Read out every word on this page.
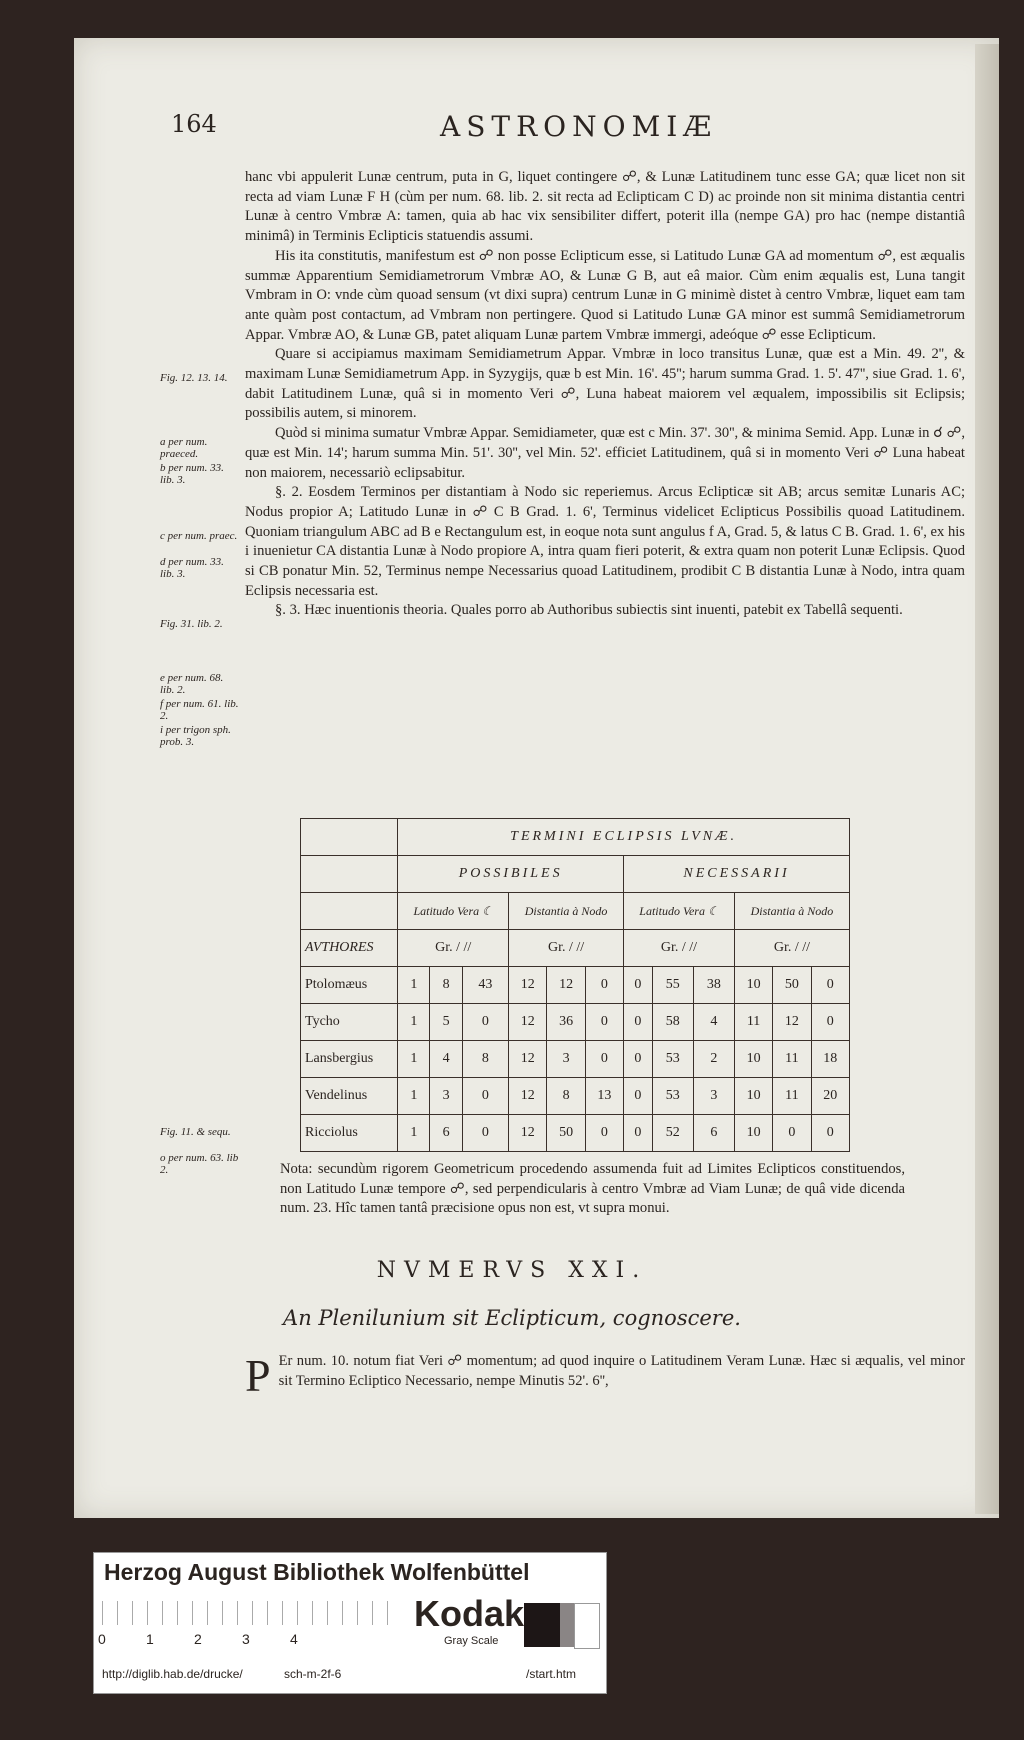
164	ASTRONOMIÆ
Fig. 12. 13. 14.
a per num. praeced.
b per num. 33. lib. 3.
c per num. praec.
d per num. 33. lib. 3.
Fig. 31. lib. 2.
e per num. 68. lib. 2.
f per num. 61. lib. 2.
i per trigon sph. prob. 3.
Fig. 11. & sequ.
o per num. 63. lib 2.

hanc vbi appulerit Lunæ centrum, puta in G, liquet contingere ☍, & Lunæ Latitudinem tunc esse GA; quæ licet non sit recta ad viam Lunæ F H (cùm per num. 68. lib. 2. sit recta ad Eclipticam C D) ac proinde non sit minima distantia centri Lunæ à centro Vmbræ A: tamen, quia ab hac vix sensibiliter differt, poterit illa (nempe GA) pro hac (nempe distantiâ minimâ) in Terminis Eclipticis statuendis assumi.

His ita constitutis, manifestum est ☍ non posse Eclipticum esse, si Latitudo Lunæ GA ad momentum ☍, est æqualis summæ Apparentium Semidiametrorum Vmbræ AO, & Lunæ G B, aut eâ maior. Cùm enim æqualis est, Luna tangit Vmbram in O: vnde cùm quoad sensum (vt dixi supra) centrum Lunæ in G minimè distet à centro Vmbræ, liquet eam tam ante quàm post contactum, ad Vmbram non pertingere. Quod si Latitudo Lunæ GA minor est summâ Semidiametrorum Appar. Vmbræ AO, & Lunæ GB, patet aliquam Lunæ partem Vmbræ immergi, adeóque ☍ esse Eclipticum.

Quare si accipiamus maximam Semidiametrum Appar. Vmbræ in loco transitus Lunæ, quæ est a Min. 49. 2'', & maximam Lunæ Semidiametrum App. in Syzygijs, quæ b est Min. 16'. 45''; harum summa Grad. 1. 5'. 47'', siue Grad. 1. 6', dabit Latitudinem Lunæ, quâ si in momento Veri ☍, Luna habeat maiorem vel æqualem, impossibilis sit Eclipsis; possibilis autem, si minorem.

Quòd si minima sumatur Vmbræ Appar. Semidiameter, quæ est c Min. 37'. 30'', & minima Semid. App. Lunæ in ☌ ☍, quæ est Min. 14'; harum summa Min. 51'. 30'', vel Min. 52'. efficiet Latitudinem, quâ si in momento Veri ☍ Luna habeat non maiorem, necessariò eclipsabitur.

§. 2. Eosdem Terminos per distantiam à Nodo sic reperiemus. Arcus Eclipticæ sit AB; arcus semitæ Lunaris AC; Nodus propior A; Latitudo Lunæ in ☍ C B Grad. 1. 6', Terminus videlicet Eclipticus Possibilis quoad Latitudinem. Quoniam triangulum ABC ad B e Rectangulum est, in eoque nota sunt angulus f A, Grad. 5, & latus C B. Grad. 1. 6', ex his i inuenietur CA distantia Lunæ à Nodo propiore A, intra quam fieri poterit, & extra quam non poterit Lunæ Eclipsis. Quod si CB ponatur Min. 52, Terminus nempe Necessarius quoad Latitudinem, prodibit C B distantia Lunæ à Nodo, intra quam Eclipsis necessaria est.

§. 3. Hæc inuentionis theoria. Quales porro ab Authoribus subiectis sint inuenti, patebit ex Tabellâ sequenti.

	TERMINI ECLIPSIS LVNÆ.											
	POSSIBILES						NECESSARII					
	Latitudo Vera ☾			Distantia à Nodo			Latitudo Vera ☾			Distantia à Nodo		
AVTHORES	Gr. / //			Gr. / //			Gr. / //			Gr. / //		
Ptolomæus	1	8	43	12	12	0	0	55	38	10	50	0
Tycho	1	5	0	12	36	0	0	58	4	11	12	0
Lansbergius	1	4	8	12	3	0	0	53	2	10	11	18
Vendelinus	1	3	0	12	8	13	0	53	3	10	11	20
Ricciolus	1	6	0	12	50	0	0	52	6	10	0	0
Nota: secundùm rigorem Geometricum procedendo assumenda fuit ad Limites Eclipticos constituendos, non Latitudo Lunæ tempore ☍, sed perpendicularis à centro Vmbræ ad Viam Lunæ; de quâ vide dicenda num. 23. Hîc tamen tantâ præcisione opus non est, vt supra monui.
NVMERVS XXI.
An Plenilunium sit Eclipticum, cognoscere.
P Er num. 10. notum fiat Veri ☍ momentum; ad quod inquire o Latitudinem Veram Lunæ. Hæc si æqualis, vel minor sit Termino Ecliptico Necessario, nempe Minutis 52'. 6'',
Herzog August Bibliothek Wolfenbüttel
0	1	2	3	4
Kodak
Gray Scale
http://diglib.hab.de/drucke/	sch-m-2f-6	/start.htm
